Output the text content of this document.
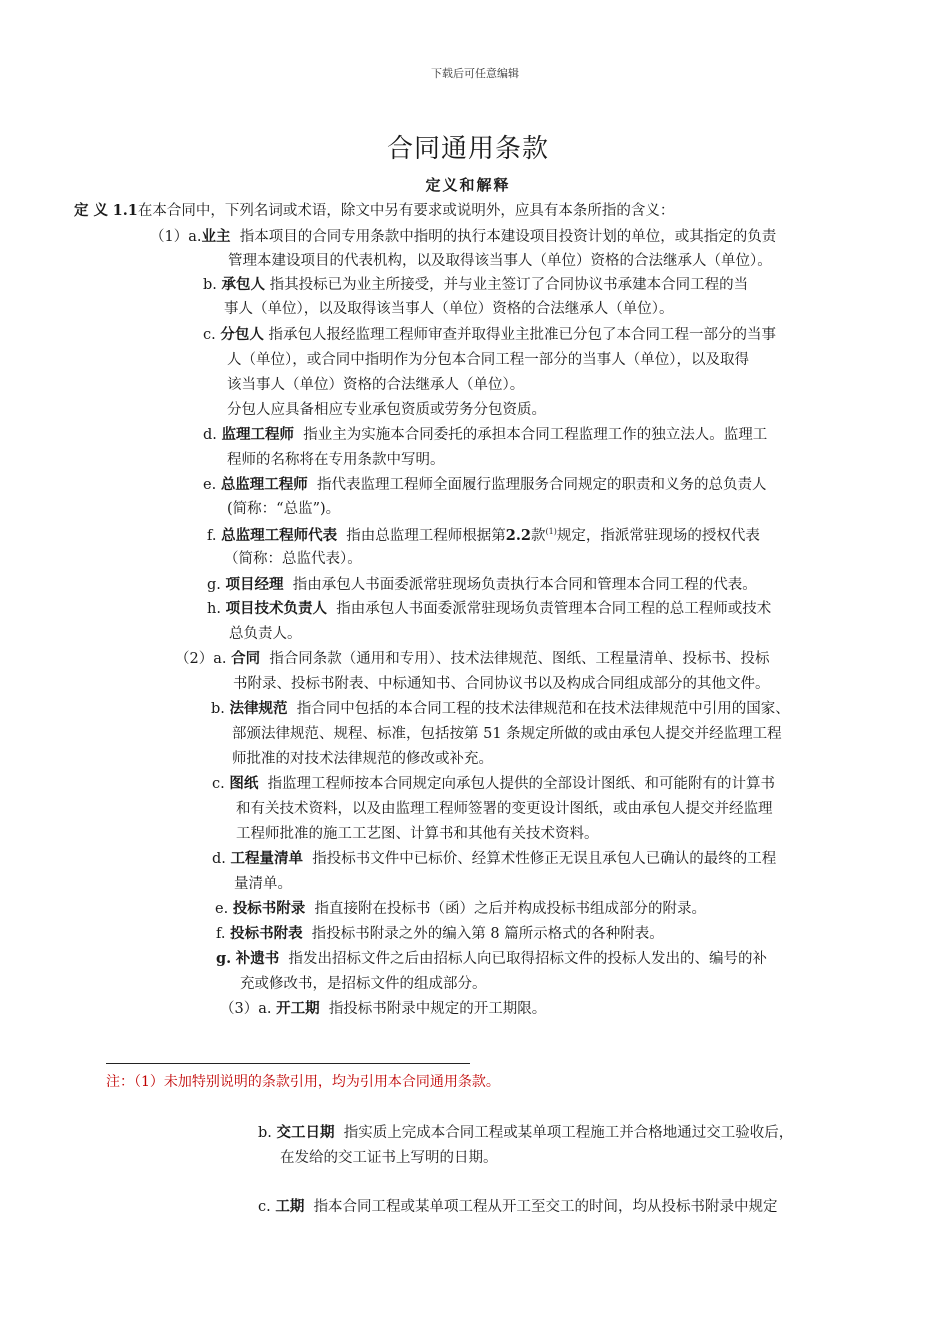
下载后可任意编辑
合同通用条款
定义和解释
定 义 1.1在本合同中，下列名词或术语，除文中另有要求或说明外，应具有本条所指的含义：
（1）a.业主 指本项目的合同专用条款中指明的执行本建设项目投资计划的单位，或其指定的负责
管理本建设项目的代表机构，以及取得该当事人（单位）资格的合法继承人（单位）。
b. 承包人 指其投标已为业主所接受，并与业主签订了合同协议书承建本合同工程的当
事人（单位），以及取得该当事人（单位）资格的合法继承人（单位）。
c. 分包人 指承包人报经监理工程师审查并取得业主批准已分包了本合同工程一部分的当事
人（单位），或合同中指明作为分包本合同工程一部分的当事人（单位），以及取得
该当事人（单位）资格的合法继承人（单位）。
分包人应具备相应专业承包资质或劳务分包资质。
d. 监理工程师 指业主为实施本合同委托的承担本合同工程监理工作的独立法人。监理工
程师的名称将在专用条款中写明。
e. 总监理工程师 指代表监理工程师全面履行监理服务合同规定的职责和义务的总负责人
(简称：“总监”)。
f. 总监理工程师代表 指由总监理工程师根据第2.2款$^{(1)}$规定，指派常驻现场的授权代表
（简称：总监代表）。
g. 项目经理 指由承包人书面委派常驻现场负责执行本合同和管理本合同工程的代表。
h. 项目技术负责人 指由承包人书面委派常驻现场负责管理本合同工程的总工程师或技术
总负责人。
（2）a. 合同 指合同条款（通用和专用）、技术法律规范、图纸、工程量清单、投标书、投标
书附录、投标书附表、中标通知书、合同协议书以及构成合同组成部分的其他文件。
b. 法律规范 指合同中包括的本合同工程的技术法律规范和在技术法律规范中引用的国家、
部颁法律规范、规程、标准，包括按第 51 条规定所做的或由承包人提交并经监理工程
师批准的对技术法律规范的修改或补充。
c. 图纸 指监理工程师按本合同规定向承包人提供的全部设计图纸、和可能附有的计算书
和有关技术资料，以及由监理工程师签署的变更设计图纸，或由承包人提交并经监理
工程师批准的施工工艺图、计算书和其他有关技术资料。
d. 工程量清单 指投标书文件中已标价、经算术性修正无误且承包人已确认的最终的工程
量清单。
e. 投标书附录 指直接附在投标书（函）之后并构成投标书组成部分的附录。
f. 投标书附表 指投标书附录之外的编入第 8 篇所示格式的各种附表。
g. 补遗书 指发出招标文件之后由招标人向已取得招标文件的投标人发出的、编号的补
充或修改书，是招标文件的组成部分。
（3）a. 开工期 指投标书附录中规定的开工期限。
注：（1）未加特别说明的条款引用，均为引用本合同通用条款。
b. 交工日期 指实质上完成本合同工程或某单项工程施工并合格地通过交工验收后，
在发给的交工证书上写明的日期。
c. 工期 指本合同工程或某单项工程从开工至交工的时间，均从投标书附录中规定
